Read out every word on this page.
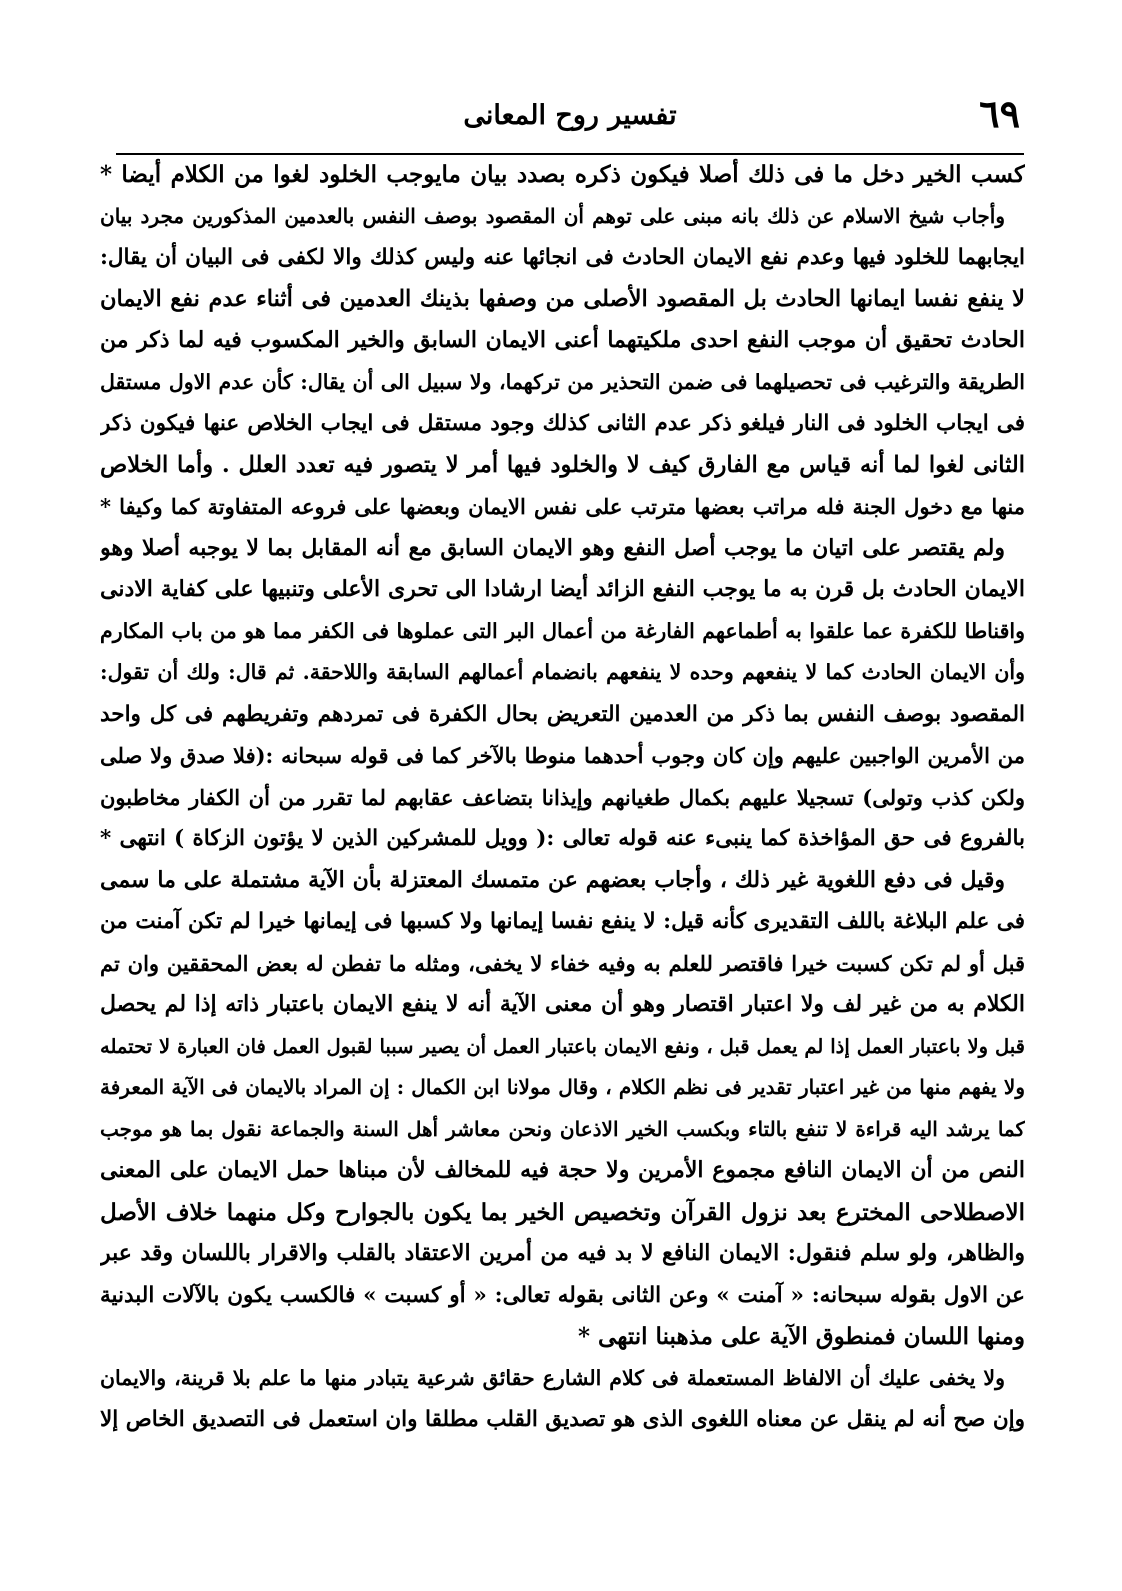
٦٩
تفسير روح المعانى
كسب الخير دخل ما فى ذلك أصلا فيكون ذكره بصدد بيان مايوجب الخلود لغوا من الكلام أيضا *
وأجاب شيخ الاسلام عن ذلك بانه مبنى على توهم أن المقصود بوصف النفس بالعدمين المذكورين مجرد بيان
ايجابهما للخلود فيها وعدم نفع الايمان الحادث فى انجائها عنه وليس كذلك والا لكفى فى البيان أن يقال:
لا ينفع نفسا ايمانها الحادث بل المقصود الأصلى من وصفها بذينك العدمين فى أثناء عدم نفع الايمان
الحادث تحقيق أن موجب النفع احدى ملكيتهما أعنى الايمان السابق والخير المكسوب فيه لما ذكر من
الطريقة والترغيب فى تحصيلهما فى ضمن التحذير من تركهما، ولا سبيل الى أن يقال: كأن عدم الاول مستقل
فى ايجاب الخلود فى النار فيلغو ذكر عدم الثانى كذلك وجود مستقل فى ايجاب الخلاص عنها فيكون ذكر
الثانى لغوا لما أنه قياس مع الفارق كيف لا والخلود فيها أمر لا يتصور فيه تعدد العلل . وأما الخلاص
منها مع دخول الجنة فله مراتب بعضها مترتب على نفس الايمان وبعضها على فروعه المتفاوتة كما وكيفا *
ولم يقتصر على اتيان ما يوجب أصل النفع وهو الايمان السابق مع أنه المقابل بما لا يوجبه أصلا وهو
الايمان الحادث بل قرن به ما يوجب النفع الزائد أيضا ارشادا الى تحرى الأعلى وتنبيها على كفاية الادنى
واقناطا للكفرة عما علقوا به أطماعهم الفارغة من أعمال البر التى عملوها فى الكفر مما هو من باب المكارم
وأن الايمان الحادث كما لا ينفعهم وحده لا ينفعهم بانضمام أعمالهم السابقة واللاحقة. ثم قال: ولك أن تقول:
المقصود بوصف النفس بما ذكر من العدمين التعريض بحال الكفرة فى تمردهم وتفريطهم فى كل واحد
من الأمرين الواجبين عليهم وإن كان وجوب أحدهما منوطا بالآخر كما فى قوله سبحانه :(فلا صدق ولا صلى
ولكن كذب وتولى) تسجيلا عليهم بكمال طغيانهم وإيذانا بتضاعف عقابهم لما تقرر من أن الكفار مخاطبون
بالفروع فى حق المؤاخذة كما ينبىء عنه قوله تعالى :( وويل للمشركين الذين لا يؤتون الزكاة ) انتهى *
وقيل فى دفع اللغوية غير ذلك ، وأجاب بعضهم عن متمسك المعتزلة بأن الآية مشتملة على ما سمى
فى علم البلاغة باللف التقديرى كأنه قيل: لا ينفع نفسا إيمانها ولا كسبها فى إيمانها خيرا لم تكن آمنت من
قبل أو لم تكن كسبت خيرا فاقتصر للعلم به وفيه خفاء لا يخفى، ومثله ما تفطن له بعض المحققين وان تم
الكلام به من غير لف ولا اعتبار اقتصار وهو أن معنى الآية أنه لا ينفع الايمان باعتبار ذاته إذا لم يحصل
قبل ولا باعتبار العمل إذا لم يعمل قبل ، ونفع الايمان باعتبار العمل أن يصير سببا لقبول العمل فان العبارة لا تحتمله
ولا يفهم منها من غير اعتبار تقدير فى نظم الكلام ، وقال مولانا ابن الكمال : إن المراد بالايمان فى الآية المعرفة
كما يرشد اليه قراءة لا تنفع بالتاء وبكسب الخير الاذعان ونحن معاشر أهل السنة والجماعة نقول بما هو موجب
النص من أن الايمان النافع مجموع الأمرين ولا حجة فيه للمخالف لأن مبناها حمل الايمان على المعنى
الاصطلاحى المخترع بعد نزول القرآن وتخصيص الخير بما يكون بالجوارح وكل منهما خلاف الأصل
والظاهر، ولو سلم فنقول: الايمان النافع لا بد فيه من أمرين الاعتقاد بالقلب والاقرار باللسان وقد عبر
عن الاول بقوله سبحانه: « آمنت » وعن الثانى بقوله تعالى: « أو كسبت » فالكسب يكون بالآلات البدنية
ومنها اللسان فمنطوق الآية على مذهبنا انتهى *
ولا يخفى عليك أن الالفاظ المستعملة فى كلام الشارع حقائق شرعية يتبادر منها ما علم بلا قرينة، والايمان
وإن صح أنه لم ينقل عن معناه اللغوى الذى هو تصديق القلب مطلقا وان استعمل فى التصديق الخاص إلا
